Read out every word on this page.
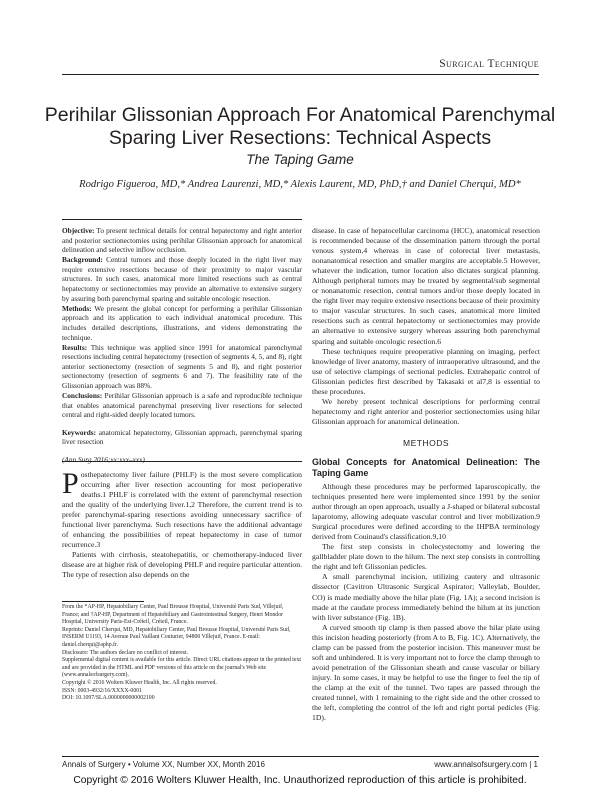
Surgical Technique
Perihilar Glissonian Approach For Anatomical Parenchymal Sparing Liver Resections: Technical Aspects
The Taping Game
Rodrigo Figueroa, MD,* Andrea Laurenzi, MD,* Alexis Laurent, MD, PhD,† and Daniel Cherqui, MD*

Objective: To present technical details for central hepatectomy and right anterior and posterior sectionectomies using perihilar Glissonian approach for anatomical delineation and selective inflow occlusion.

Background: Central tumors and those deeply located in the right liver may require extensive resections because of their proximity to major vascular structures. In such cases, anatomical more limited resections such as central hepatectomy or sectionectomies may provide an alternative to extensive surgery by assuring both parenchymal sparing and suitable oncologic resection.

Methods: We present the global concept for performing a perihilar Glissonian approach and its application to each individual anatomical procedure. This includes detailed descriptions, illustrations, and videos demonstrating the technique.

Results: This technique was applied since 1991 for anatomical parenchymal resections including central hepatectomy (resection of segments 4, 5, and 8), right anterior sectionectomy (resection of segments 5 and 8), and right posterior sectionectomy (resection of segments 6 and 7). The feasibility rate of the Glissonian approach was 88%.

Conclusions: Perihilar Glissonian approach is a safe and reproducible technique that enables anatomical parenchymal preserving liver resections for selected central and right-sided deeply located tumors.

Keywords: anatomical hepatectomy, Glissonian approach, parenchymal sparing liver resection

(Ann Surg 2016;xx:xxx–xxx)

Posthepatectomy liver failure (PHLF) is the most severe complication occurring after liver resection accounting for most perioperative deaths.1 PHLF is correlated with the extent of parenchymal resection and the quality of the underlying liver.1,2 Therefore, the current trend is to prefer parenchymal-sparing resections avoiding unnecessary sacrifice of functional liver parenchyma. Such resections have the additional advantage of enhancing the possibilities of repeat hepatectomy in case of tumor recurrence.3

Patients with cirrhosis, steatohepatitis, or chemotherapy-induced liver disease are at higher risk of developing PHLF and require particular attention. The type of resection also depends on the

From the *AP-HP, Hepatobiliary Center, Paul Brousse Hospital, Université Paris Sud, Villejuif, France; and †AP-HP, Department of Hepatobiliary and Gastrointestinal Surgery, Henri Mondor Hospital, University Paris-Est-Créteil, Créteil, France.

Reprints: Daniel Cherqui, MD, Hepatobiliary Center, Paul Brousse Hospital, Université Paris Sud, INSERM U1193, 14 Avenue Paul Vaillant Couturier, 94800 Villejuif, France. E-mail: daniel.cherqui@aphp.fr.

Disclosure: The authors declare no conflict of interest.

Supplemental digital content is available for this article. Direct URL citations appear in the printed text and are provided in the HTML and PDF versions of this article on the journal's Web site (www.annalsofsurgery.com).

Copyright © 2016 Wolters Kluwer Health, Inc. All rights reserved.

ISSN: 0003-4932/16/XXXX-0001

DOI: 10.1097/SLA.0000000000002100

disease. In case of hepatocellular carcinoma (HCC), anatomical resection is recommended because of the dissemination pattern through the portal venous system,4 whereas in case of colorectal liver metastasis, nonanatomical resection and smaller margins are acceptable.5 However, whatever the indication, tumor location also dictates surgical planning. Although peripheral tumors may be treated by segmental/sub segmental or nonanatomic resection, central tumors and/or those deeply located in the right liver may require extensive resections because of their proximity to major vascular structures. In such cases, anatomical more limited resections such as central hepatectomy or sectionectomies may provide an alternative to extensive surgery whereas assuring both parenchymal sparing and suitable oncologic resection.6

These techniques require preoperative planning on imaging, perfect knowledge of liver anatomy, mastery of intraoperative ultrasound, and the use of selective clampings of sectional pedicles. Extrahepatic control of Glissonian pedicles first described by Takasaki et al7,8 is essential to these procedures.

We hereby present technical descriptions for performing central hepatectomy and right anterior and posterior sectionectomies using hilar Glissonian approach for anatomical delineation.

METHODS
Global Concepts for Anatomical Delineation: The Taping Game

Although these procedures may be performed laparoscopically, the techniques presented here were implemented since 1991 by the senior author through an open approach, usually a J-shaped or bilateral subcostal laparotomy, allowing adequate vascular control and liver mobilization.9 Surgical procedures were defined according to the IHPBA terminology derived from Couinaud's classification.9,10

The first step consists in cholecystectomy and lowering the gallbladder plate down to the hilum. The next step consists in controlling the right and left Glissonian pedicles.

A small parenchymal incision, utilizing cautery and ultrasonic dissector (Cavitron Ultrasonic Surgical Aspirator; Valleylab, Boulder, CO) is made medially above the hilar plate (Fig. 1A); a second incision is made at the caudate process immediately behind the hilum at its junction with liver substance (Fig. 1B).

A curved smooth tip clamp is then passed above the hilar plate using this incision heading posteriorly (from A to B, Fig. 1C). Alternatively, the clamp can be passed from the posterior incision. This maneuver must be soft and unhindered. It is very important not to force the clamp through to avoid penetration of the Glissonian sheath and cause vascular or biliary injury. In some cases, it may be helpful to use the finger to feel the tip of the clamp at the exit of the tunnel. Two tapes are passed through the created tunnel, with 1 remaining to the right side and the other crossed to the left, completing the control of the left and right portal pedicles (Fig. 1D).

Annals of Surgery • Volume XX, Number XX, Month 2016	www.annalsofsurgery.com | 1
Copyright © 2016 Wolters Kluwer Health, Inc. Unauthorized reproduction of this article is prohibited.
